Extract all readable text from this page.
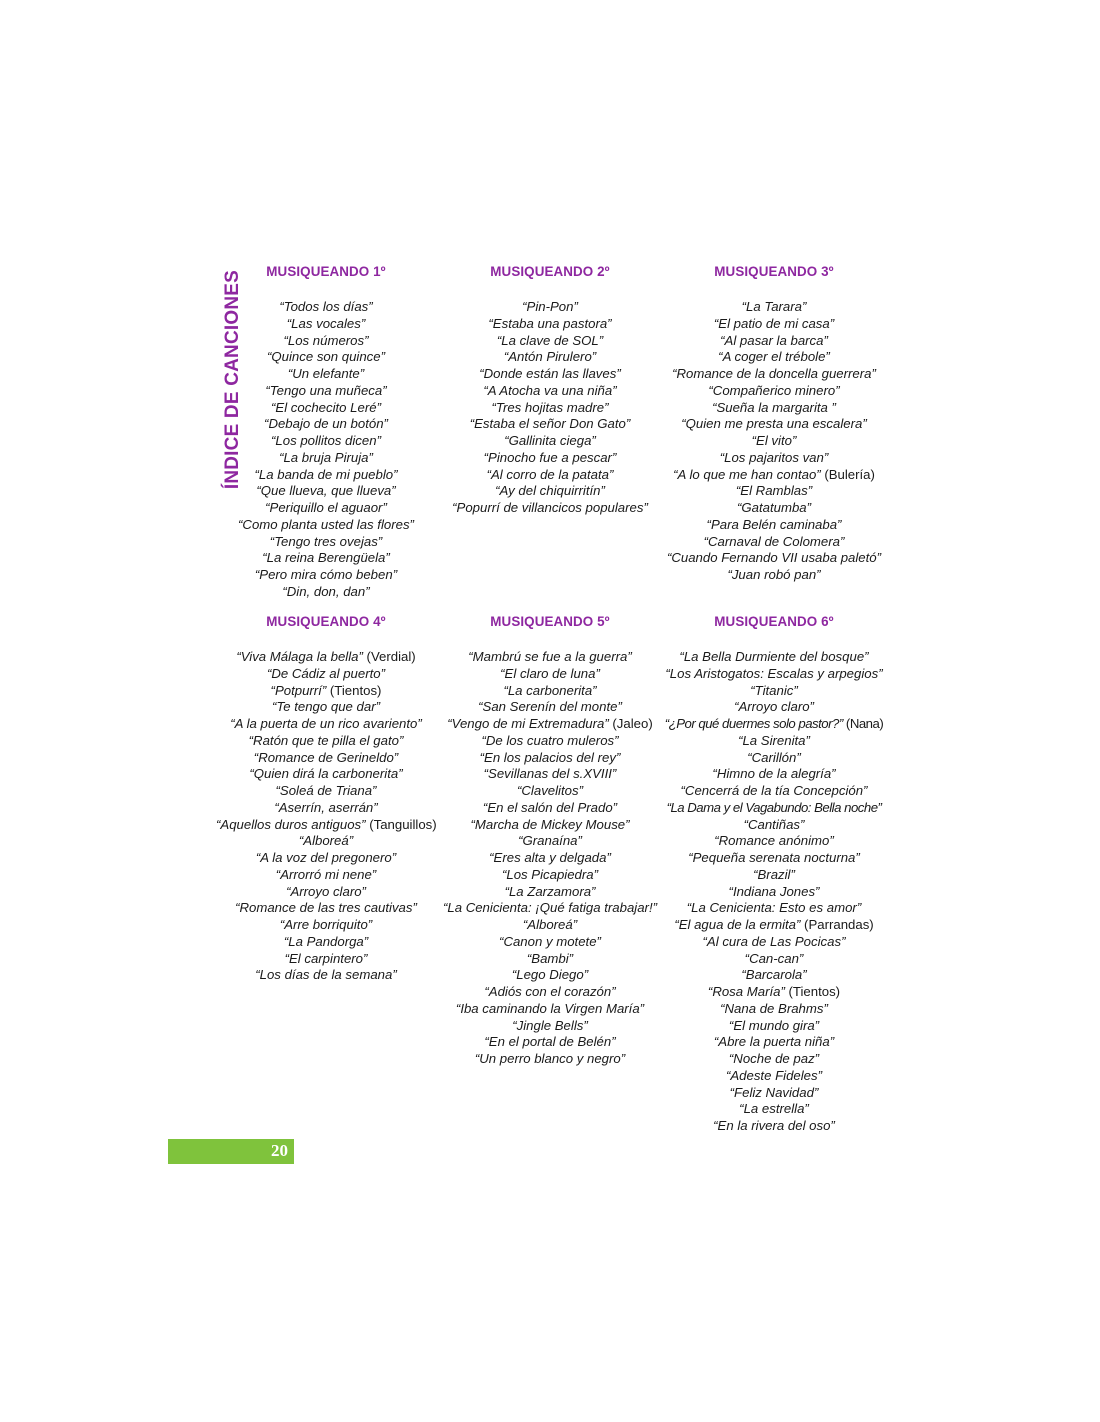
ÍNDICE DE CANCIONES	MUSIQUEANDO 1º
“Todos los días”
“Las vocales”
“Los números”
“Quince son quince”
“Un elefante”
“Tengo una muñeca”
“El cochecito Leré”
“Debajo de un botón”
“Los pollitos dicen”
“La bruja Piruja”
“La banda de mi pueblo”
“Que llueva, que llueva”
“Periquillo el aguaor”
“Como planta usted las flores”
“Tengo tres ovejas”
“La reina Berengüela”
“Pero mira cómo beben”
“Din, don, dan”
MUSIQUEANDO 2º
“Pin-Pon”
“Estaba una pastora”
“La clave de SOL”
“Antón Pirulero”
“Donde están las llaves”
“A Atocha va una niña”
“Tres hojitas madre”
“Estaba el señor Don Gato”
“Gallinita ciega”
“Pinocho fue a pescar”
“Al corro de la patata”
“Ay del chiquirritín”
“Popurrí de villancicos populares”
MUSIQUEANDO 3º
“La Tarara”
“El patio de mi casa”
“Al pasar la barca”
“A coger el trébole”
“Romance de la doncella guerrera”
“Compañerico minero”
“Sueña la margarita ”
“Quien me presta una escalera”
“El vito”
“Los pajaritos van”
“A lo que me han contao” (Bulería)
“El Ramblas”
“Gatatumba”
“Para Belén caminaba”
“Carnaval de Colomera”
“Cuando Fernando VII usaba paletó”
“Juan robó pan”
MUSIQUEANDO 4º
“Viva Málaga la bella” (Verdial)
“De Cádiz al puerto”
“Potpurrí” (Tientos)
“Te tengo que dar”
“A la puerta de un rico avariento”
“Ratón que te pilla el gato”
“Romance de Gerineldo”
“Quien dirá la carbonerita”
“Soleá de Triana”
“Aserrín, aserrán”
“Aquellos duros antiguos” (Tanguillos)
“Alboreá”
“A la voz del pregonero”
“Arrorró mi nene”
“Arroyo claro”
“Romance de las tres cautivas”
“Arre borriquito”
“La Pandorga”
“El carpintero”
“Los días de la semana”
MUSIQUEANDO 5º
“Mambrú se fue a la guerra”
“El claro de luna”
“La carbonerita”
“San Serenín del monte”
“Vengo de mi Extremadura” (Jaleo)
“De los cuatro muleros”
“En los palacios del rey”
“Sevillanas del s.XVIII”
“Clavelitos”
“En el salón del Prado”
“Marcha de Mickey Mouse”
“Granaína”
“Eres alta y delgada”
“Los Picapiedra”
“La Zarzamora”
“La Cenicienta: ¡Qué fatiga trabajar!”
“Alboreá”
“Canon y motete”
“Bambi”
“Lego Diego”
“Adiós con el corazón”
“Iba caminando la Virgen María”
“Jingle Bells”
“En el portal de Belén”
“Un perro blanco y negro”
MUSIQUEANDO 6º
“La Bella Durmiente del bosque”
“Los Aristogatos: Escalas y arpegios”
“Titanic”
“Arroyo claro”
“¿Por qué duermes solo pastor?” (Nana)
“La Sirenita”
“Carillón”
“Himno de la alegría”
“Cencerrá de la tía Concepción”
“La Dama y el Vagabundo: Bella noche”
“Cantiñas”
“Romance anónimo”
“Pequeña serenata nocturna”
“Brazil”
“Indiana Jones”
“La Cenicienta: Esto es amor”
“El agua de la ermita” (Parrandas)
“Al cura de Las Pocicas”
“Can-can”
“Barcarola”
“Rosa María” (Tientos)
“Nana de Brahms”
“El mundo gira”
“Abre la puerta niña”
“Noche de paz”
“Adeste Fideles”
“Feliz Navidad”
“La estrella”
“En la rivera del oso”
20
